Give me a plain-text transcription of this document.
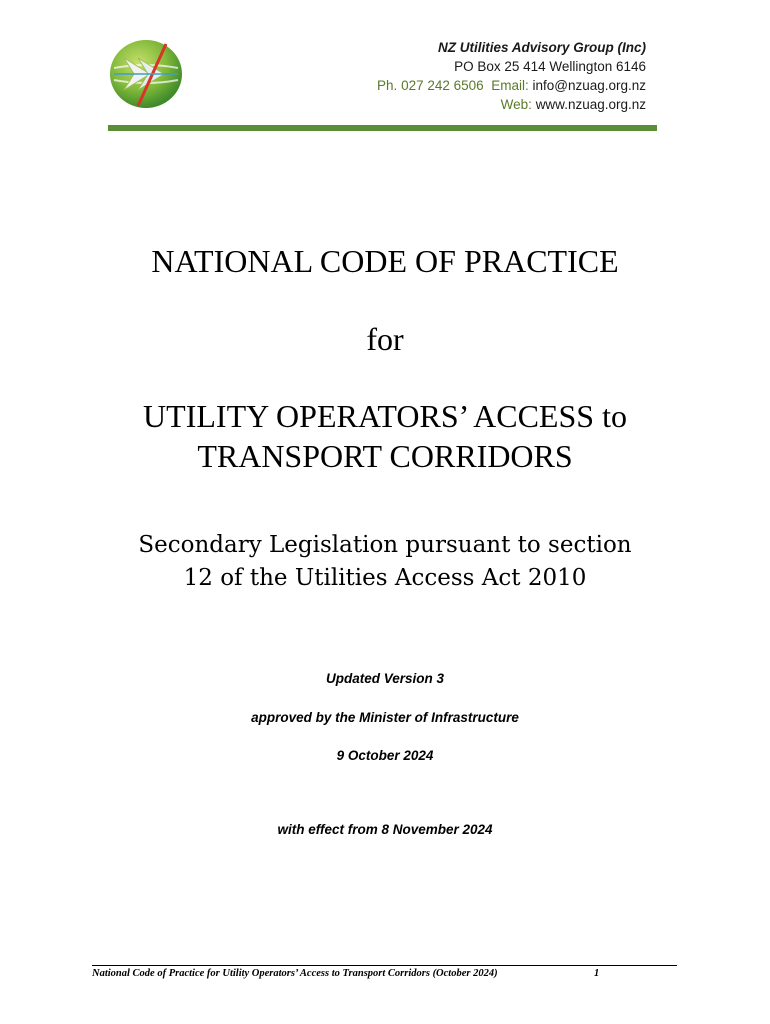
NZ Utilities Advisory Group (Inc)
PO Box 25 414 Wellington 6146
Ph. 027 242 6506 Email: info@nzuag.org.nz
Web: www.nzuag.org.nz
NATIONAL CODE OF PRACTICE
for
UTILITY OPERATORS’ ACCESS to
TRANSPORT CORRIDORS
Secondary Legislation pursuant to section
12 of the Utilities Access Act 2010
Updated Version 3
approved by the Minister of Infrastructure
9 October 2024
with effect from 8 November 2024
National Code of Practice for Utility Operators’ Access to Transport Corridors (October 2024)	1
